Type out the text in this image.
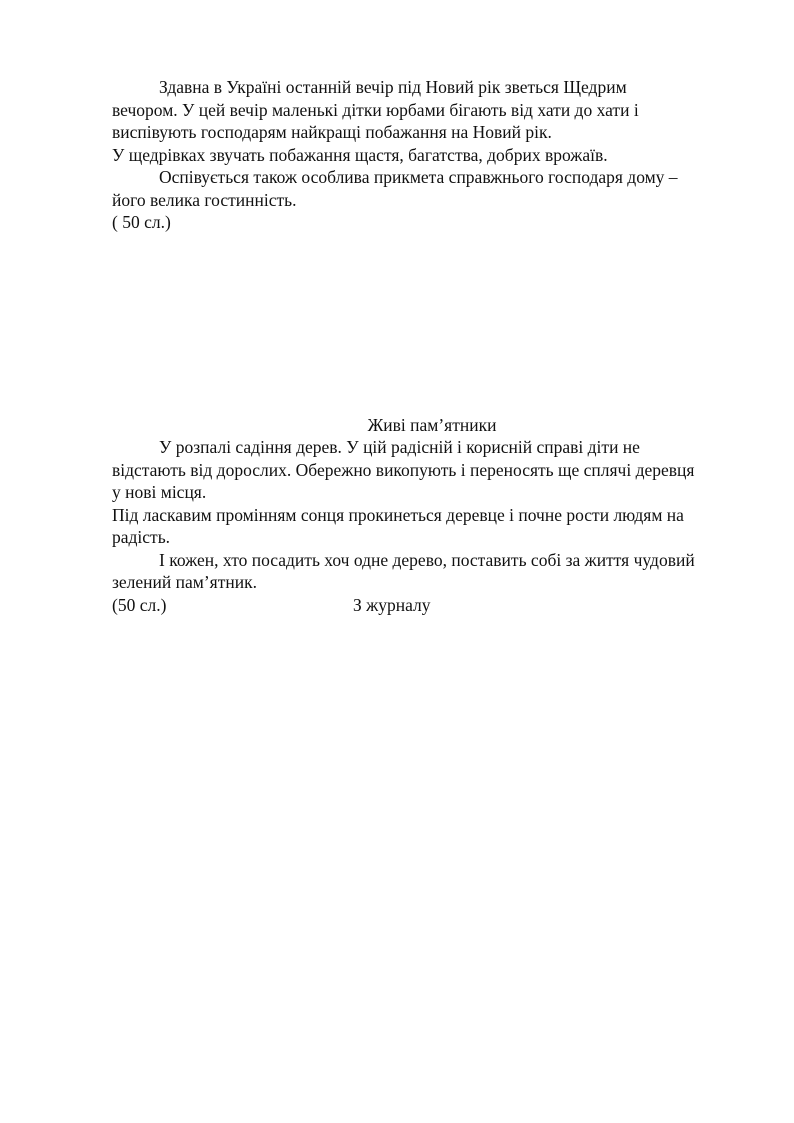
Здавна в Україні останній вечір під Новий рік зветься Щедрим
вечором. У цей вечір маленькі дітки юрбами бігають від хати до хати і
виспівують господарям найкращі побажання на Новий рік.
У щедрівках звучать побажання щастя, багатства, добрих врожаїв.
Оспівується також особлива прикмета справжнього господаря дому –
його велика гостинність.
( 50 сл.)
Живі пам’ятники
У розпалі садіння дерев. У цій радісній і корисній справі діти не
відстають від дорослих. Обережно викопують і переносять ще сплячі деревця
у нові місця.
Під ласкавим промінням сонця прокинеться деревце і почне рости людям на
радість.
І кожен, хто посадить хоч одне дерево, поставить собі за життя чудовий
зелений пам’ятник.
(50 сл.)	З журналу
